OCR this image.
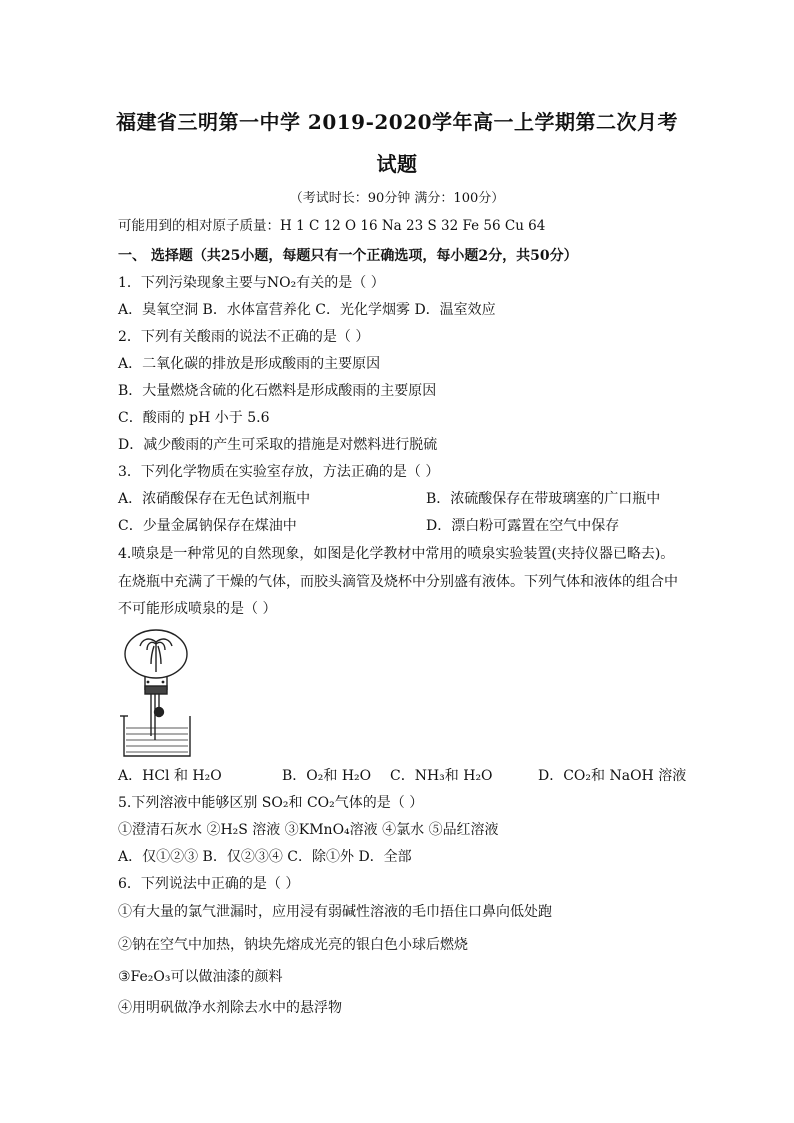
福建省三明第一中学 2019-2020学年高一上学期第二次月考
试题
（考试时长：90分钟 满分：100分）
可能用到的相对原子质量：H 1 C 12 O 16 Na 23 S 32 Fe 56 Cu 64
一、 选择题（共25小题，每题只有一个正确选项，每小题2分，共50分）
1．下列污染现象主要与NO₂有关的是（ ）
A．臭氧空洞 B．水体富营养化 C．光化学烟雾 D．温室效应
2．下列有关酸雨的说法不正确的是（ ）
A．二氧化碳的排放是形成酸雨的主要原因
B．大量燃烧含硫的化石燃料是形成酸雨的主要原因
C．酸雨的 pH 小于 5.6
D．减少酸雨的产生可采取的措施是对燃料进行脱硫
3．下列化学物质在实验室存放，方法正确的是（ ）
A．浓硝酸保存在无色试剂瓶中	B．浓硫酸保存在带玻璃塞的广口瓶中
C．少量金属钠保存在煤油中	D．漂白粉可露置在空气中保存
4.喷泉是一种常见的自然现象，如图是化学教材中常用的喷泉实验装置(夹持仪器已略去)。
在烧瓶中充满了干燥的气体，而胶头滴管及烧杯中分别盛有液体。下列气体和液体的组合中
不可能形成喷泉的是（ ）
A．HCl 和 H₂O	B．O₂和 H₂O C．NH₃和 H₂O	D．CO₂和 NaOH 溶液
5.下列溶液中能够区别 SO₂和 CO₂气体的是（ ）
①澄清石灰水 ②H₂S 溶液 ③KMnO₄溶液 ④氯水 ⑤品红溶液
A．仅①②③ B．仅②③④ C．除①外 D．全部
6．下列说法中正确的是（ ）
①有大量的氯气泄漏时，应用浸有弱碱性溶液的毛巾捂住口鼻向低处跑
②钠在空气中加热，钠块先熔成光亮的银白色小球后燃烧
③Fe₂O₃可以做油漆的颜料
④用明矾做净水剂除去水中的悬浮物
